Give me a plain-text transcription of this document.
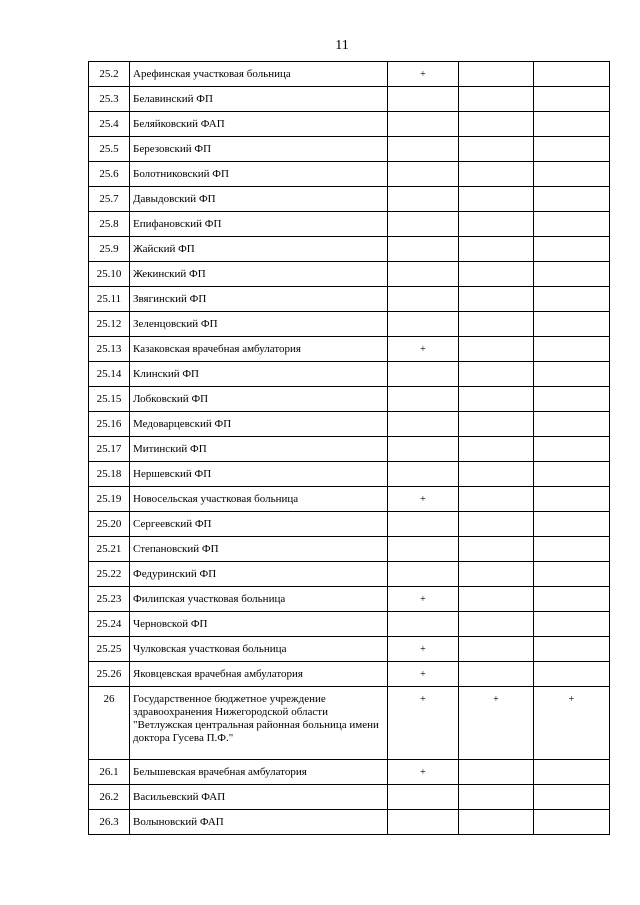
11
25.2	Арефинская участковая больница	+		
25.3	Белавинский ФП			
25.4	Беляйковский ФАП			
25.5	Березовский ФП			
25.6	Болотниковский ФП			
25.7	Давыдовский ФП			
25.8	Епифановский ФП			
25.9	Жайский ФП			
25.10	Жекинский ФП			
25.11	Звягинский ФП			
25.12	Зеленцовский ФП			
25.13	Казаковская врачебная амбулатория	+		
25.14	Клинский ФП			
25.15	Лобковский ФП			
25.16	Медоварцевский ФП			
25.17	Митинский ФП			
25.18	Нершевский ФП			
25.19	Новосельская участковая больница	+		
25.20	Сергеевский ФП			
25.21	Степановский ФП			
25.22	Федуринский ФП			
25.23	Филипская участковая больница	+		
25.24	Черновской ФП			
25.25	Чулковская участковая больница	+		
25.26	Яковцевская врачебная амбулатория	+		
26	Государственное бюджетное учреждение здравоохранения Нижегородской области "Ветлужская центральная районная больница имени доктора Гусева П.Ф."	+	+	+
26.1	Белышевская врачебная амбулатория	+		
26.2	Васильевский ФАП			
26.3	Волыновский ФАП			
